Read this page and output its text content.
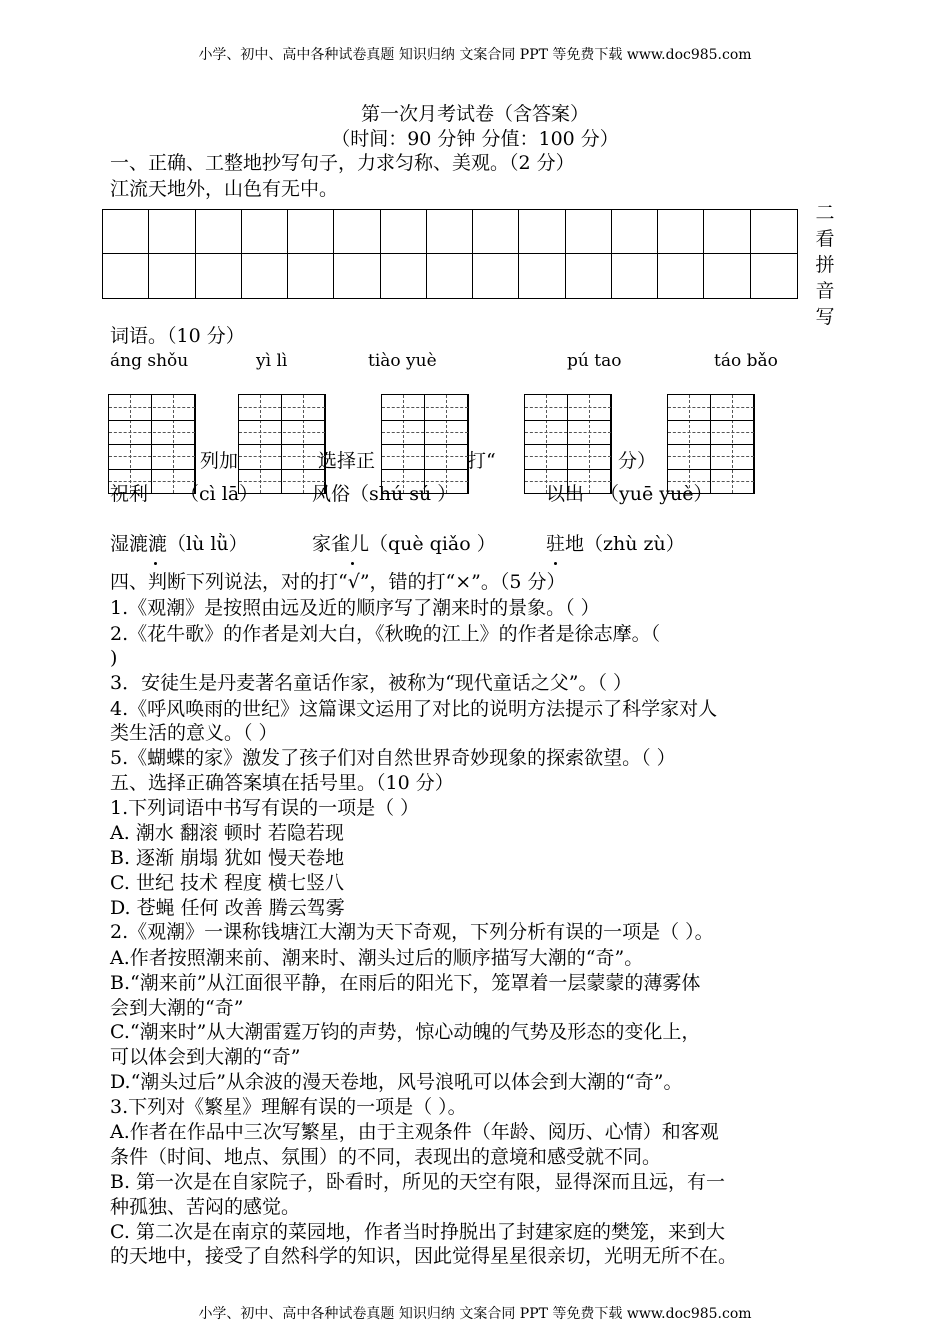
小学、初中、高中各种试卷真题 知识归纳 文案合同 PPT 等免费下载 www.doc985.com
第一次月考试卷（含答案）
（时间：90 分钟 分值：100 分）
一、正确、工整地抄写句子，力求匀称、美观。（2 分）
江流天地外，山色有无中。
二
看
拼
音
写
词语。（10 分）
áng shǒu	yì lì	tiào yuè	pú tao	táo bǎo
列加	选择正	打“	分）
祝利 （cì lā）	风俗（shú sú ）	以出 （yuē yuè）
湿漉漉（lù lǜ）	家雀儿（què qiǎo ）	驻地（zhù zù）
四、判断下列说法，对的打“√”，错的打“×”。（5 分）
1.《观潮》是按照由远及近的顺序写了潮来时的景象。（ ）
2.《花牛歌》的作者是刘大白，《秋晚的江上》的作者是徐志摩。（
)
3．安徒生是丹麦著名童话作家，被称为“现代童话之父”。（ ）
4.《呼风唤雨的世纪》这篇课文运用了对比的说明方法提示了科学家对人
类生活的意义。（ ）
5.《蝴蝶的家》激发了孩子们对自然世界奇妙现象的探索欲望。（ ）
五、选择正确答案填在括号里。（10 分）
1.下列词语中书写有误的一项是（ ）
A. 潮水 翻滚 顿时 若隐若现
B. 逐渐 崩塌 犹如 慢天卷地
C. 世纪 技术 程度 横七竖八
D. 苍蝇 任何 改善 腾云驾雾
2.《观潮》一课称钱塘江大潮为天下奇观，下列分析有误的一项是（ ）。
A.作者按照潮来前、潮来时、潮头过后的顺序描写大潮的“奇”。
B.“潮来前”从江面很平静，在雨后的阳光下，笼罩着一层蒙蒙的薄雾体
会到大潮的“奇”
C.“潮来时”从大潮雷霆万钧的声势，惊心动魄的气势及形态的变化上，
可以体会到大潮的“奇”
D.“潮头过后”从余波的漫天卷地，风号浪吼可以体会到大潮的“奇”。
3.下列对《繁星》理解有误的一项是（ ）。
A.作者在作品中三次写繁星，由于主观条件（年龄、阅历、心情）和客观
条件（时间、地点、氛围）的不同，表现出的意境和感受就不同。
B. 第一次是在自家院子，卧看时，所见的天空有限，显得深而且远，有一
种孤独、苦闷的感觉。
C. 第二次是在南京的菜园地，作者当时挣脱出了封建家庭的樊笼，来到大
的天地中，接受了自然科学的知识，因此觉得星星很亲切，光明无所不在。
小学、初中、高中各种试卷真题 知识归纳 文案合同 PPT 等免费下载 www.doc985.com
